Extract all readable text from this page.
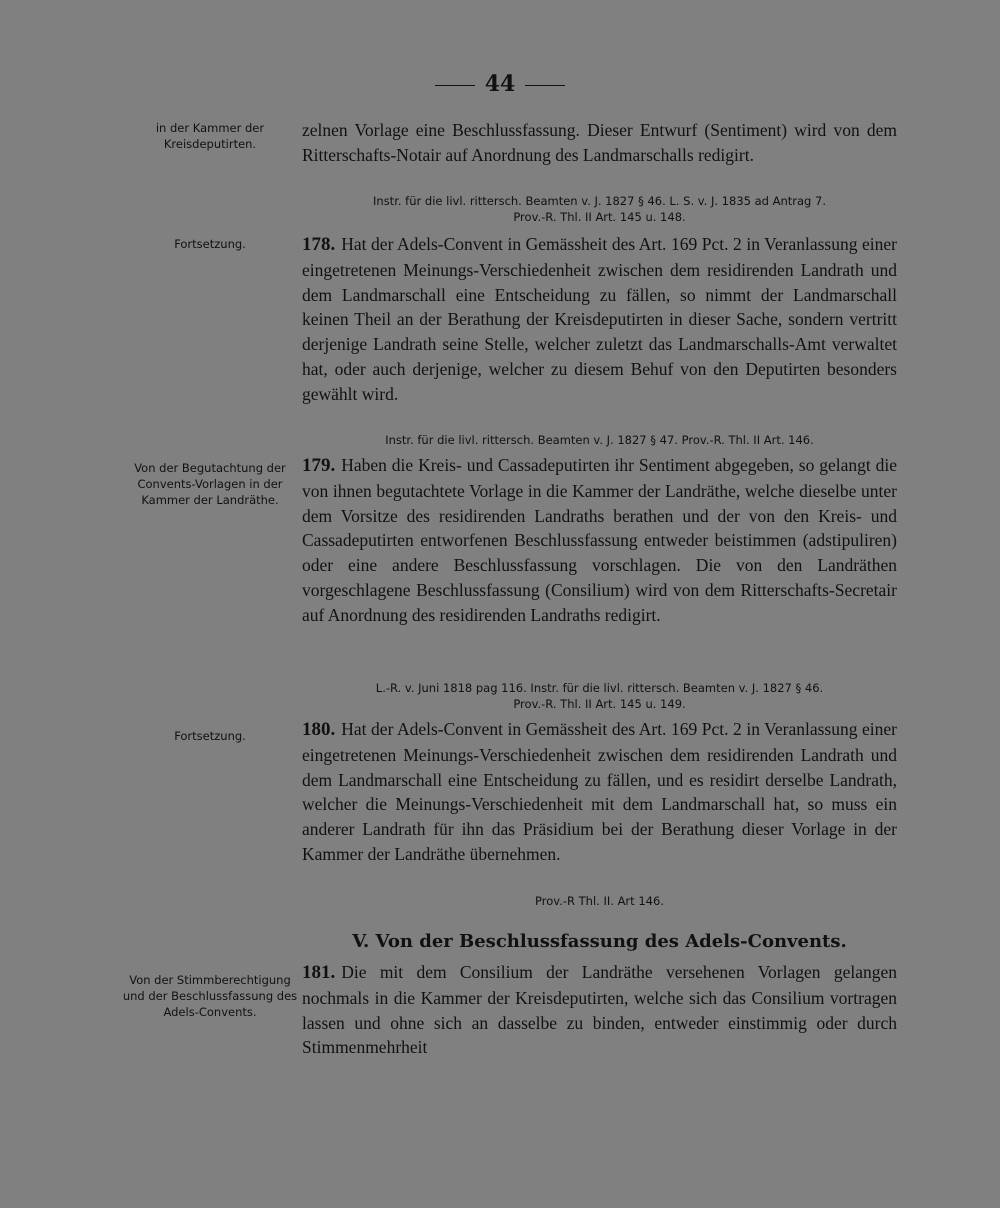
44
in der Kammer der Kreisdeputirten.
Fortsetzung.
Von der Begutachtung der Convents-Vorlagen in der Kammer der Landräthe.
Fortsetzung.
Von der Stimmberechtigung und der Beschlussfassung des Adels-Convents.
zelnen Vorlage eine Beschlussfassung. Dieser Entwurf (Sentiment) wird von dem Ritterschafts-Notair auf Anordnung des Landmarschalls redigirt.
Instr. für die livl. rittersch. Beamten v. J. 1827 § 46. L. S. v. J. 1835 ad Antrag 7.
Prov.-R. Thl. II Art. 145 u. 148.
178. Hat der Adels-Convent in Gemässheit des Art. 169 Pct. 2 in Veranlassung einer eingetretenen Meinungs-Verschiedenheit zwischen dem residirenden Landrath und dem Landmarschall eine Entscheidung zu fällen, so nimmt der Landmarschall keinen Theil an der Berathung der Kreisdeputirten in dieser Sache, sondern vertritt derjenige Landrath seine Stelle, welcher zuletzt das Landmarschalls-Amt verwaltet hat, oder auch derjenige, welcher zu diesem Behuf von den Deputirten besonders gewählt wird.
Instr. für die livl. rittersch. Beamten v. J. 1827 § 47. Prov.-R. Thl. II Art. 146.
179. Haben die Kreis- und Cassadeputirten ihr Sentiment abgegeben, so gelangt die von ihnen begutachtete Vorlage in die Kammer der Landräthe, welche dieselbe unter dem Vorsitze des residirenden Landraths berathen und der von den Kreis- und Cassadeputirten entworfenen Beschlussfassung entweder beistimmen (adstipuliren) oder eine andere Beschlussfassung vorschlagen. Die von den Landräthen vorgeschlagene Beschlussfassung (Consilium) wird von dem Ritterschafts-Secretair auf Anordnung des residirenden Landraths redigirt.
L.-R. v. Juni 1818 pag 116. Instr. für die livl. rittersch. Beamten v. J. 1827 § 46.
Prov.-R. Thl. II Art. 145 u. 149.
180. Hat der Adels-Convent in Gemässheit des Art. 169 Pct. 2 in Veranlassung einer eingetretenen Meinungs-Verschiedenheit zwischen dem residirenden Landrath und dem Landmarschall eine Entscheidung zu fällen, und es residirt derselbe Landrath, welcher die Meinungs-Verschiedenheit mit dem Landmarschall hat, so muss ein anderer Landrath für ihn das Präsidium bei der Berathung dieser Vorlage in der Kammer der Landräthe übernehmen.
Prov.-R Thl. II. Art 146.
V. Von der Beschlussfassung des Adels-Convents.
181. Die mit dem Consilium der Landräthe versehenen Vorlagen gelangen nochmals in die Kammer der Kreisdeputirten, welche sich das Consilium vortragen lassen und ohne sich an dasselbe zu binden, entweder einstimmig oder durch Stimmenmehrheit
